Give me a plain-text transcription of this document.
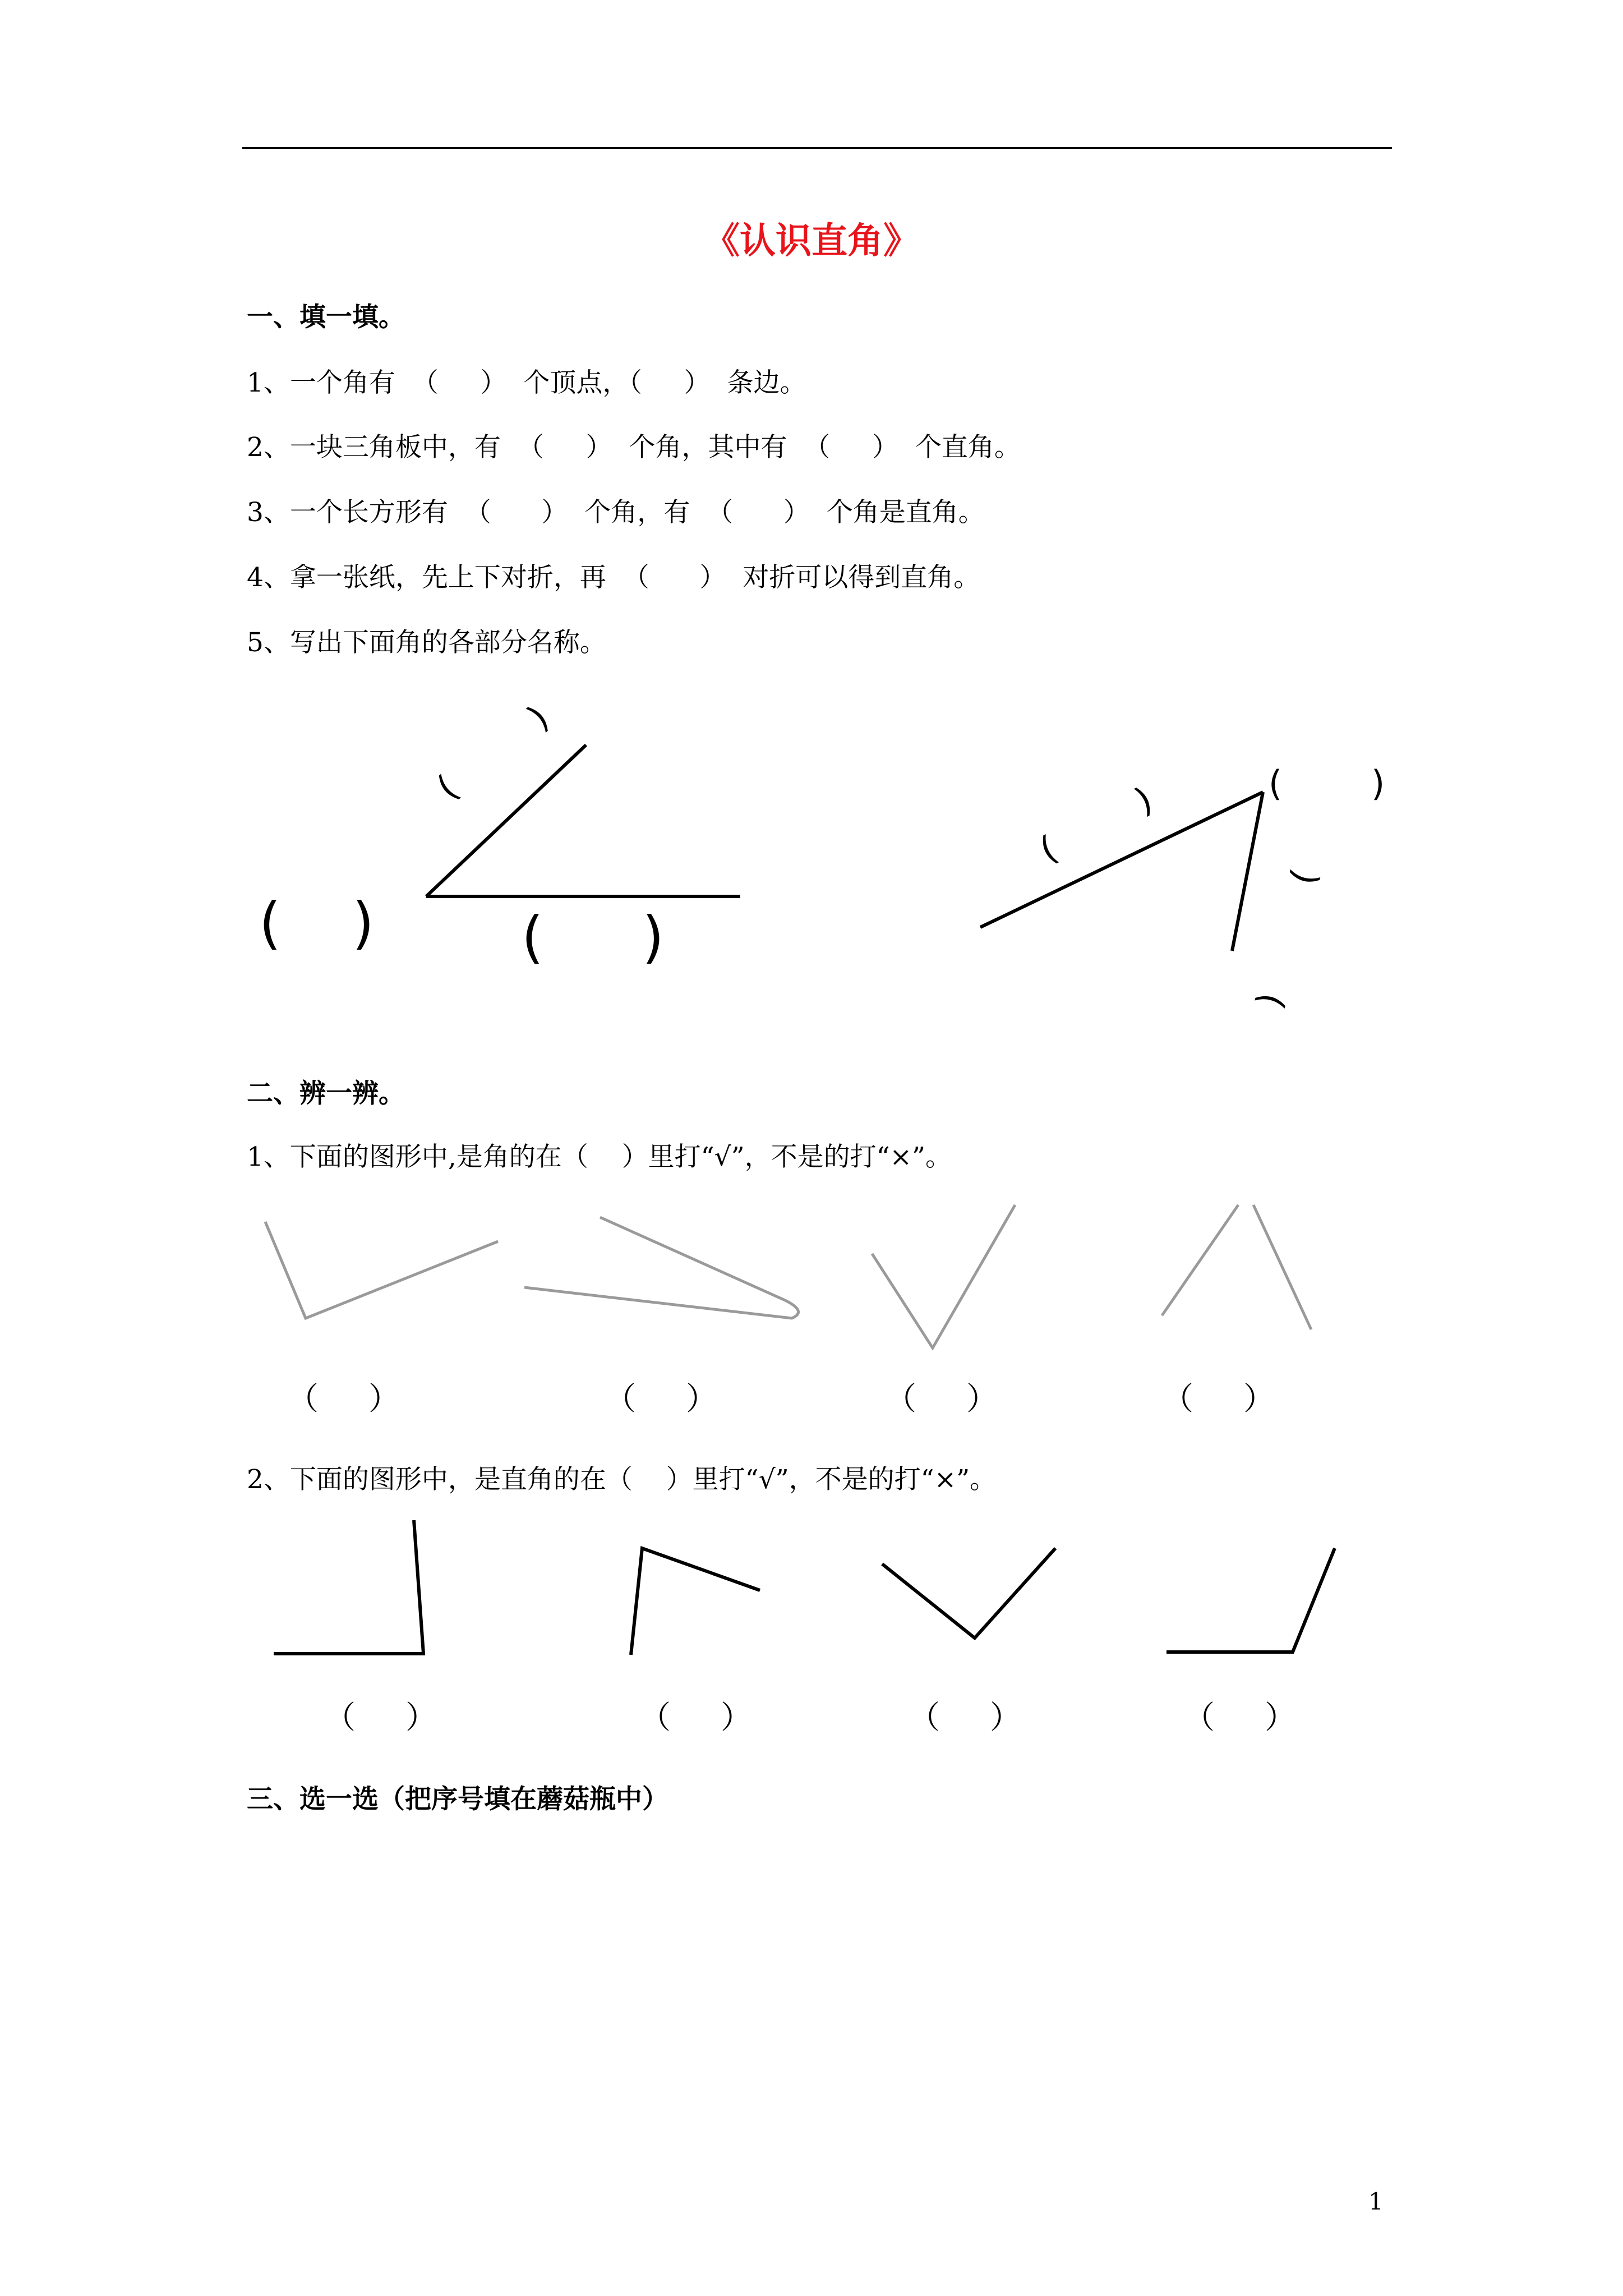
《认识直角》
一、填一填。
1、一个角有  （     ）  个顶点，（     ）  条边。
2、一块三角板中，有  （     ）  个角，其中有  （     ）  个直角。
3、一个长方形有  （      ）  个角，有  （      ）  个角是直角。
4、拿一张纸，先上下对折，再  （      ）  对折可以得到直角。
5、写出下面角的各部分名称。
( )	( )
(
)
(
)	(	)
(
)
二、辨一辨。
1、下面的图形中,是角的在（    ）里打“√”，不是的打“×”。
（     ）	（     ）	（     ）	（     ）
2、下面的图形中，是直角的在（    ）里打“√”，不是的打“×”。
（     ）	（     ）	（     ）	（     ）
三、选一选（把序号填在蘑菇瓶中）
1
